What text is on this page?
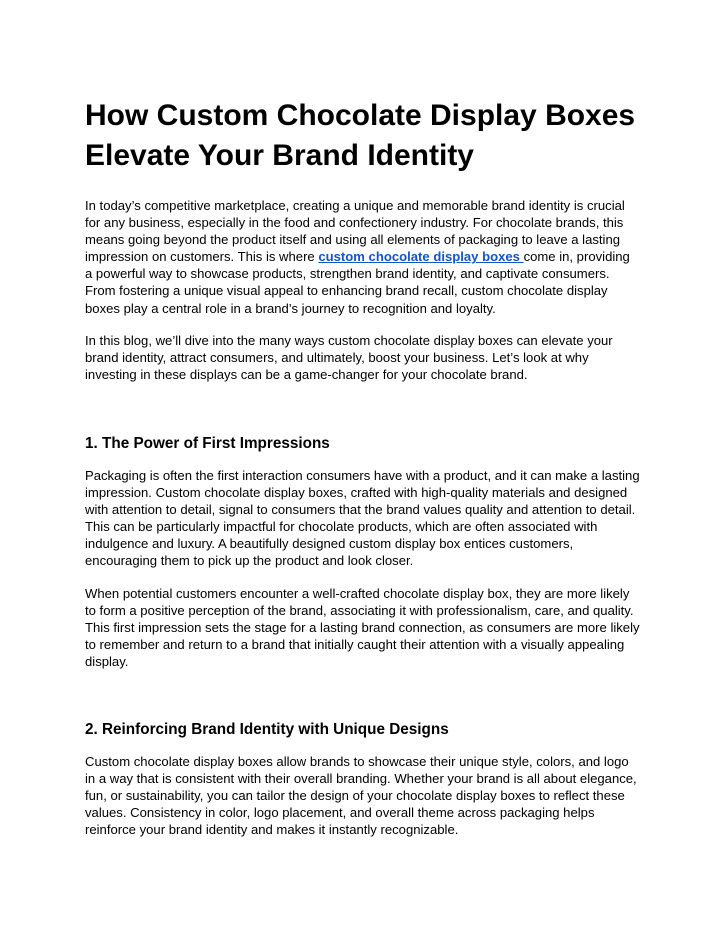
How Custom Chocolate Display Boxes Elevate Your Brand Identity

In today’s competitive marketplace, creating a unique and memorable brand identity is crucial for any business, especially in the food and confectionery industry. For chocolate brands, this means going beyond the product itself and using all elements of packaging to leave a lasting impression on customers. This is where custom chocolate display boxes come in, providing a powerful way to showcase products, strengthen brand identity, and captivate consumers. From fostering a unique visual appeal to enhancing brand recall, custom chocolate display boxes play a central role in a brand’s journey to recognition and loyalty.

In this blog, we’ll dive into the many ways custom chocolate display boxes can elevate your brand identity, attract consumers, and ultimately, boost your business. Let’s look at why investing in these displays can be a game-changer for your chocolate brand.

1. The Power of First Impressions

Packaging is often the first interaction consumers have with a product, and it can make a lasting impression. Custom chocolate display boxes, crafted with high-quality materials and designed with attention to detail, signal to consumers that the brand values quality and attention to detail. This can be particularly impactful for chocolate products, which are often associated with indulgence and luxury. A beautifully designed custom display box entices customers, encouraging them to pick up the product and look closer.

When potential customers encounter a well-crafted chocolate display box, they are more likely to form a positive perception of the brand, associating it with professionalism, care, and quality. This first impression sets the stage for a lasting brand connection, as consumers are more likely to remember and return to a brand that initially caught their attention with a visually appealing display.

2. Reinforcing Brand Identity with Unique Designs

Custom chocolate display boxes allow brands to showcase their unique style, colors, and logo in a way that is consistent with their overall branding. Whether your brand is all about elegance, fun, or sustainability, you can tailor the design of your chocolate display boxes to reflect these values. Consistency in color, logo placement, and overall theme across packaging helps reinforce your brand identity and makes it instantly recognizable.
